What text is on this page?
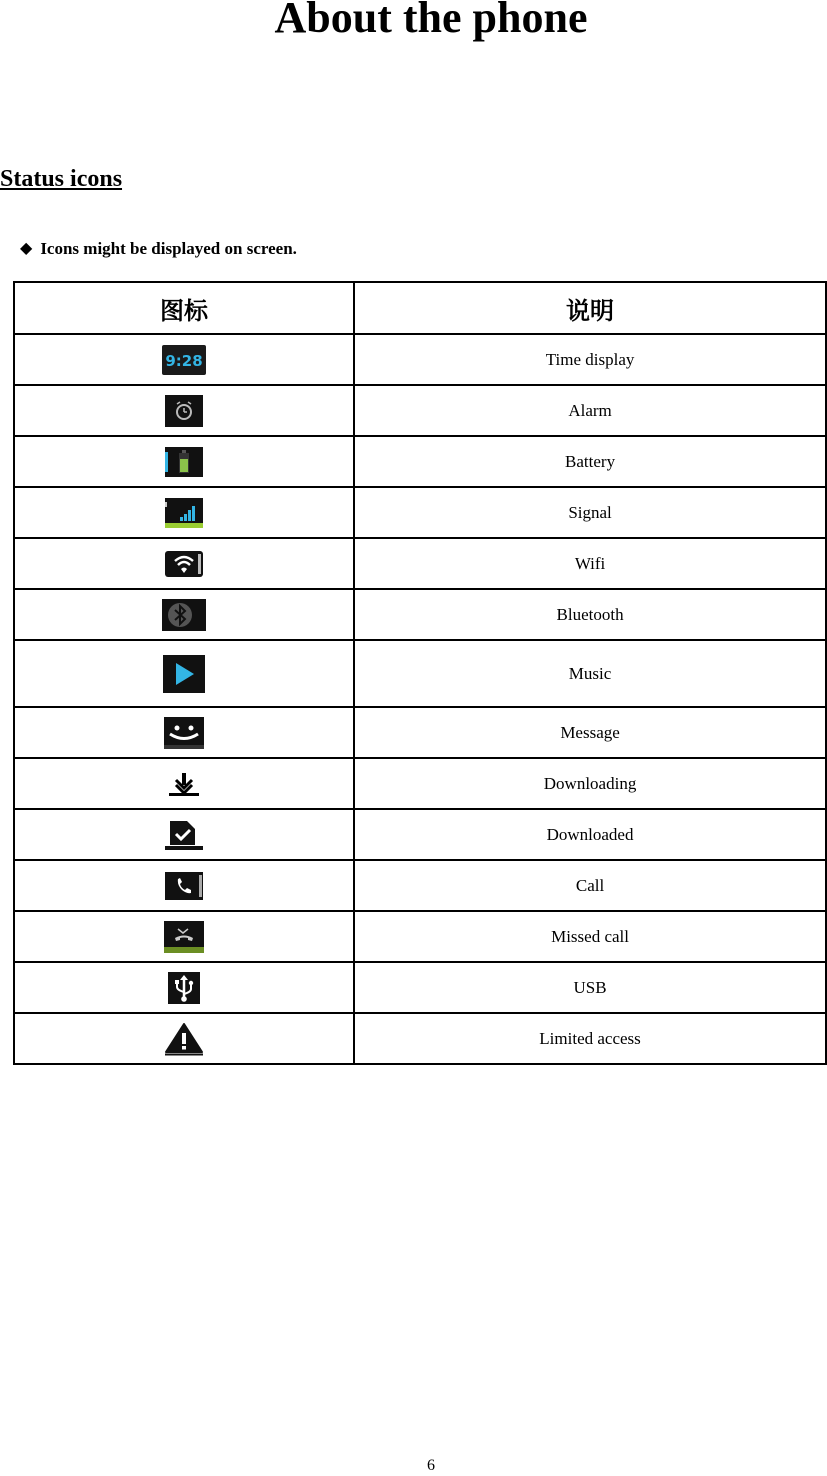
About the phone
Status icons
◆ Icons might be displayed on screen.
图标	说明

9:28	Time display
	Alarm
	Battery
	Signal
	Wifi
	Bluetooth
	Music
	Message
	Downloading
	Downloaded
	Call
	Missed call
	USB
	Limited access
6
